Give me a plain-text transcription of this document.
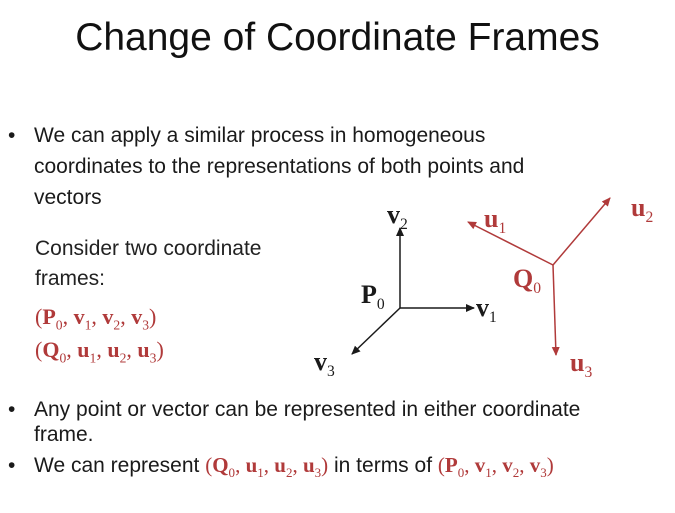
Change of Coordinate Frames
• We can apply a similar process in homogeneous
coordinates to the representations of both points and
vectors
Consider two coordinate
frames:
($P_0$, $v_1$, $v_2$, $v_3$)
($Q_0$, $u_1$, $u_2$, $u_3$)
$v_2$
$v_1$
$v_3$
$P_0$
$u_1$
$u_2$
$u_3$
$Q_0$
• Any point or vector can be represented in either coordinate
frame.
• We can represent ($Q_0$, $u_1$, $u_2$, $u_3$) in terms of ($P_0$, $v_1$, $v_2$, $v_3$)
